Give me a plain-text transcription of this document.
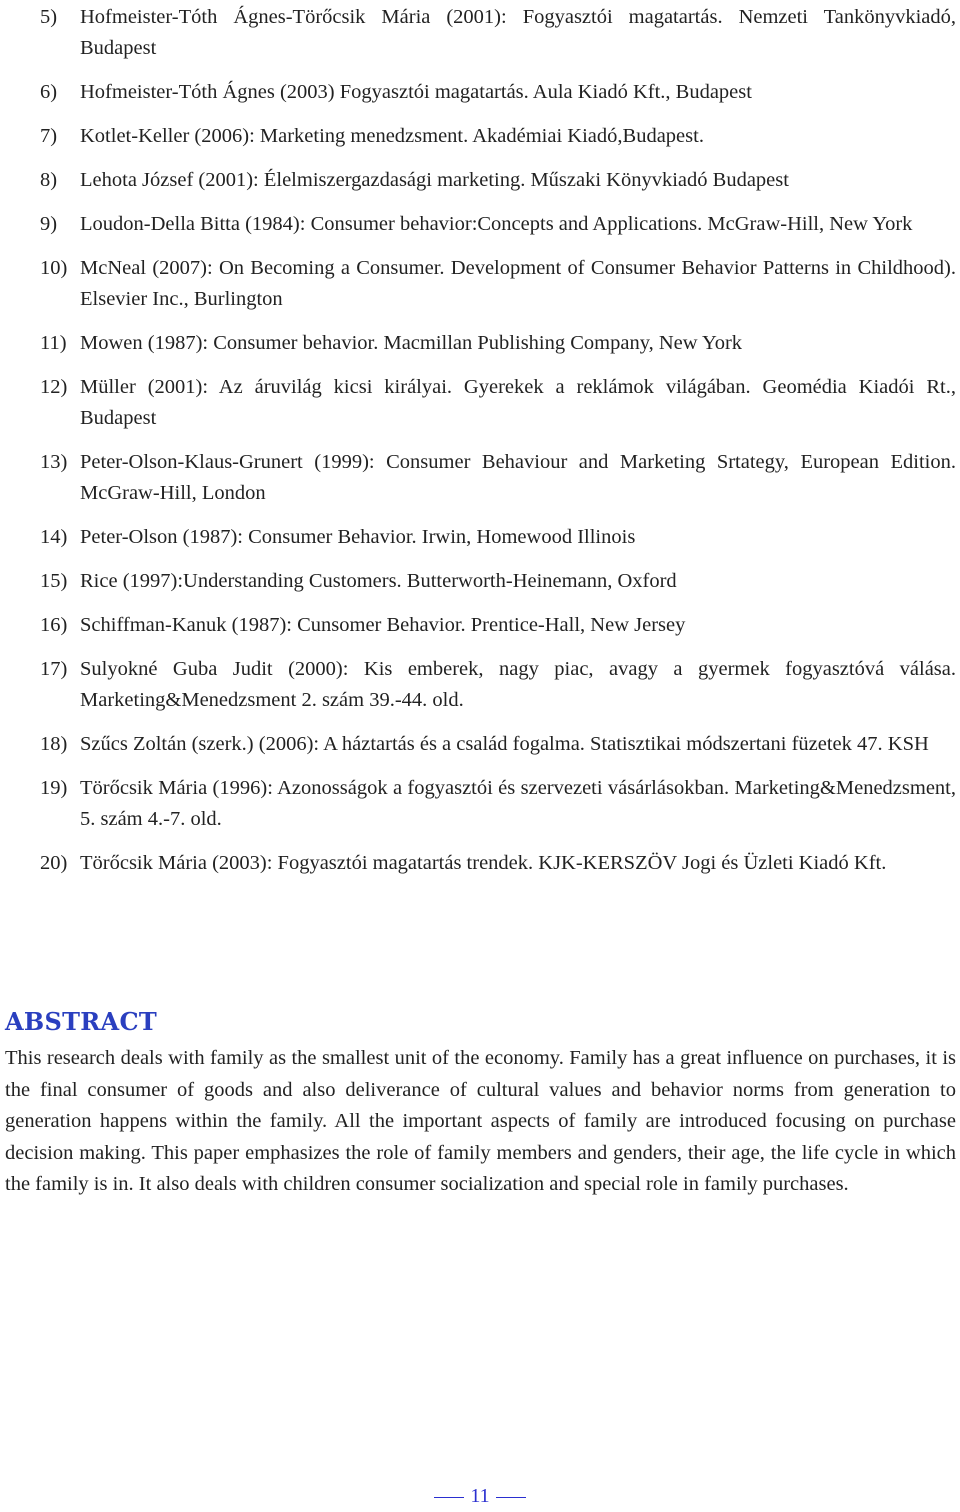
5) Hofmeister-Tóth Ágnes-Törőcsik Mária (2001): Fogyasztói magatartás. Nemzeti Tankönyvkiadó, Budapest
6) Hofmeister-Tóth Ágnes (2003) Fogyasztói magatartás. Aula Kiadó Kft., Budapest
7) Kotlet-Keller (2006): Marketing menedzsment. Akadémiai Kiadó,Budapest.
8) Lehota József (2001): Élelmiszergazdasági marketing. Műszaki Könyvkiadó Budapest
9) Loudon-Della Bitta (1984): Consumer behavior:Concepts and Applications. McGraw-Hill, New York
10) McNeal (2007): On Becoming a Consumer. Development of Consumer Behavior Patterns in Childhood). Elsevier Inc., Burlington
11) Mowen (1987): Consumer behavior. Macmillan Publishing Company, New York
12) Müller (2001): Az áruvilág kicsi királyai. Gyerekek a reklámok világában. Geomédia Kiadói Rt., Budapest
13) Peter-Olson-Klaus-Grunert (1999): Consumer Behaviour and Marketing Srtategy, European Edition. McGraw-Hill, London
14) Peter-Olson (1987): Consumer Behavior. Irwin, Homewood Illinois
15) Rice (1997):Understanding Customers. Butterworth-Heinemann, Oxford
16) Schiffman-Kanuk (1987): Cunsomer Behavior. Prentice-Hall, New Jersey
17) Sulyokné Guba Judit (2000): Kis emberek, nagy piac, avagy a gyermek fogyasztóvá válása. Marketing&Menedzsment 2. szám 39.-44. old.
18) Szűcs Zoltán (szerk.) (2006): A háztartás és a család fogalma. Statisztikai módszertani füzetek 47. KSH
19) Törőcsik Mária (1996): Azonosságok a fogyasztói és szervezeti vásárlásokban. Marketing&Menedzsment, 5. szám 4.-7. old.
20) Törőcsik Mária (2003): Fogyasztói magatartás trendek. KJK-KERSZÖV Jogi és Üzleti Kiadó Kft.
ABSTRACT

This research deals with family as the smallest unit of the economy. Family has a great influence on purchases, it is the final consumer of goods and also deliverance of cultural values and behavior norms from generation to generation happens within the family. All the important aspects of family are introduced focusing on purchase decision making. This paper emphasizes the role of family members and genders, their age, the life cycle in which the family is in. It also deals with children consumer socialization and special role in family purchases.

11
